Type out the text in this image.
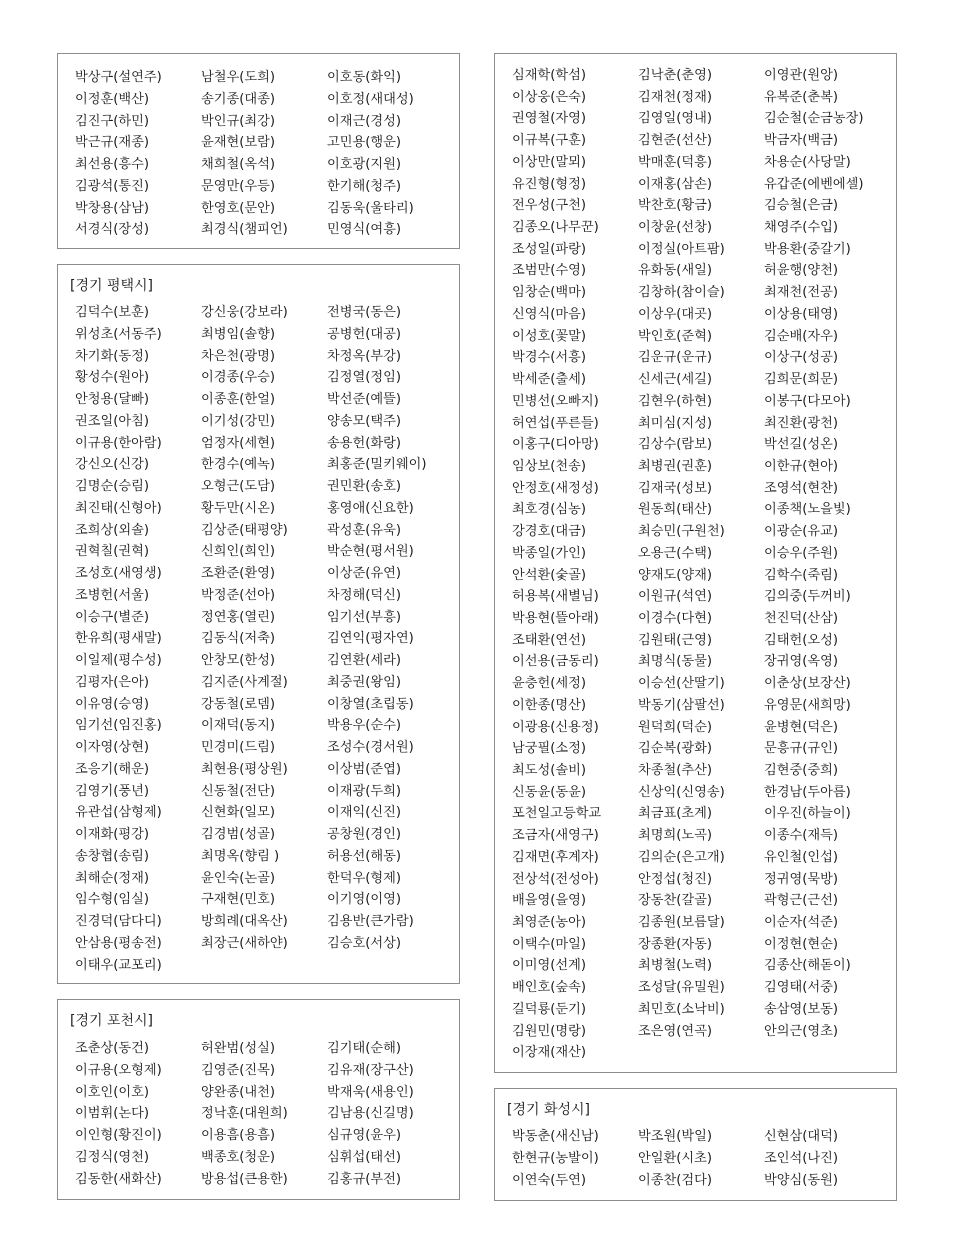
박상구(설연주)	남철우(도희)	이호동(화익)
이정훈(백산)	송기종(대종)	이호정(새대성)
김진구(하민)	박인규(최강)	이재근(경성)
박근규(재종)	윤재현(보람)	고민용(행운)
최선용(흥수)	채희철(옥석)	이호광(지원)
김광석(통진)	문영만(우등)	한기해(청주)
박창용(삼남)	한영호(문안)	김동욱(울타리)
서경식(장성)	최경식(챔피언)	민영식(여흥)
[경기 평택시]
김덕수(보훈)	강신웅(강보라)	전병국(동은)
위성초(서동주)	최병임(솔향)	공병헌(대공)
차기화(동정)	차은천(광명)	차정옥(부강)
황성수(원아)	이경종(우승)	김정열(정임)
안청용(달빠)	이종훈(한얼)	박선준(예뜰)
권조일(아침)	이기성(강민)	양송모(택주)
이규용(한아람)	엄정자(세현)	송용헌(화랑)
강신오(신강)	한경수(예녹)	최홍준(밀키웨이)
김명순(승림)	오형근(도담)	권민환(송호)
최진태(신형아)	황두만(시온)	홍영애(신요한)
조희상(외솔)	김상준(태평양)	곽성훈(유욱)
권혁칠(권혁)	신희인(희인)	박순현(평서원)
조성호(새영생)	조환준(환영)	이상준(유연)
조병헌(서울)	박정준(선아)	차정해(덕신)
이승구(별준)	정연홍(열린)	임기선(부흥)
한유희(평새말)	김동식(저축)	김연익(평자연)
이일제(평수성)	안창모(한성)	김연환(세라)
김평자(은아)	김지준(사계절)	최중권(왕임)
이유영(승영)	강동철(로뎀)	이창열(초립동)
임기선(임진홍)	이재덕(동지)	박용우(순수)
이자영(상현)	민경미(드림)	조성수(경서원)
조응기(해운)	최현용(평상원)	이상범(준엽)
김영기(풍년)	신동철(전단)	이재광(두희)
유관섭(삼형제)	신현화(일모)	이재익(신진)
이재화(평강)	김경범(성골)	공창원(경인)
송창협(송림)	최명옥(향림 )	허용선(해동)
최해순(정재)	윤인숙(논골)	한덕우(형제)
임수형(임실)	구재현(민호)	이기영(이영)
진경덕(담다디)	방희례(대옥산)	김용반(큰가람)
안삼용(평송전)	최장근(새하얀)	김승호(서상)
이태우(교포리)
[경기 포천시]
조춘상(동건)	허완범(성실)	김기태(순해)
이규용(오형제)	김영준(진목)	김유재(장구산)
이호인(이호)	양완종(내천)	박재욱(새용인)
이범휘(논다)	정낙훈(대원희)	김남용(신길명)
이인형(황진이)	이용흠(용흠)	심규영(윤우)
김정식(영천)	백종호(청운)	심휘섭(태선)
김동한(새화산)	방용섭(큰용한)	김홍규(부전)
심재학(학섬)	김낙춘(춘영)	이영관(원앙)
이상웅(은숙)	김재천(정재)	유복준(춘복)
권영철(자영)	김영일(영내)	김순철(순금농장)
이규복(구훈)	김현준(선산)	박금자(백금)
이상만(말뫼)	박매훈(덕흥)	차용순(사당말)
유진형(형정)	이재홍(삼손)	유갑준(에벤에셀)
전우성(구천)	박찬호(황금)	김승철(은금)
김종오(나무꾼)	이창윤(선창)	채영주(수입)
조성일(파랑)	이정실(아트팜)	박용환(중갈기)
조범만(수영)	유화동(새일)	허윤행(양천)
임창순(백마)	김창하(참이슬)	최재천(전공)
신영식(마음)	이상우(대곳)	이상용(태영)
이성호(꽃말)	박인호(준혁)	김순배(자우)
박경수(서흥)	김운규(운규)	이상구(성공)
박세준(출세)	신세근(세길)	김희문(희문)
민병선(오빠지)	김현우(하현)	이봉구(다모아)
허연섭(푸른들)	최미심(지성)	최진환(광천)
이홍구(디아망)	김상수(람보)	박선길(성온)
임상보(천송)	최병권(권훈)	이한규(현아)
안정호(새정성)	김재국(성보)	조영석(현찬)
최호경(심농)	원동희(태산)	이종책(노을빛)
강경호(대금)	최승민(구원천)	이광순(유교)
박종일(가인)	오용근(수택)	이승우(주원)
안석환(숯골)	양재도(양재)	김학수(죽림)
허용복(새별님)	이원규(석연)	김의중(두꺼비)
박용현(뜰아래)	이경수(다현)	천진덕(산삼)
조태환(연선)	김원태(근영)	김태헌(오성)
이선용(금동리)	최명식(동물)	장귀영(옥영)
윤충헌(세정)	이승선(산딸기)	이춘상(보장산)
이한종(명산)	박동기(삼팔선)	유영문(새희망)
이광용(신용정)	원덕희(덕순)	윤병현(덕은)
남궁필(소정)	김순복(광화)	문흥규(규인)
최도성(솔비)	차종철(추산)	김현중(중희)
신동윤(동윤)	신상익(신영송)	한경남(두아름)
포천일고등학교	최금표(초계)	이우진(하늘이)
조금자(새영구)	최명희(노곡)	이종수(재득)
김재면(후계자)	김의순(은고개)	유인철(인섭)
전상석(전성아)	안정섭(청진)	정귀영(묵방)
배을영(을영)	장동찬(갈골)	곽형근(근선)
최영준(농아)	김종원(보름달)	이순자(석준)
이택수(마일)	장종환(자동)	이정현(현순)
이미영(선계)	최병철(노력)	김종산(해돋이)
배인호(숲속)	조성달(유밀원)	김영태(서중)
길덕룡(둔기)	최민호(소낙비)	송삼영(보동)
김원민(명랑)	조은영(연곡)	안의근(영초)
이장재(재산)
[경기 화성시]
박동춘(새신남)	박조원(박일)	신현삼(대덕)
한현규(농발이)	안일환(시초)	조인석(나진)
이연숙(두연)	이종찬(검다)	박양심(동원)
